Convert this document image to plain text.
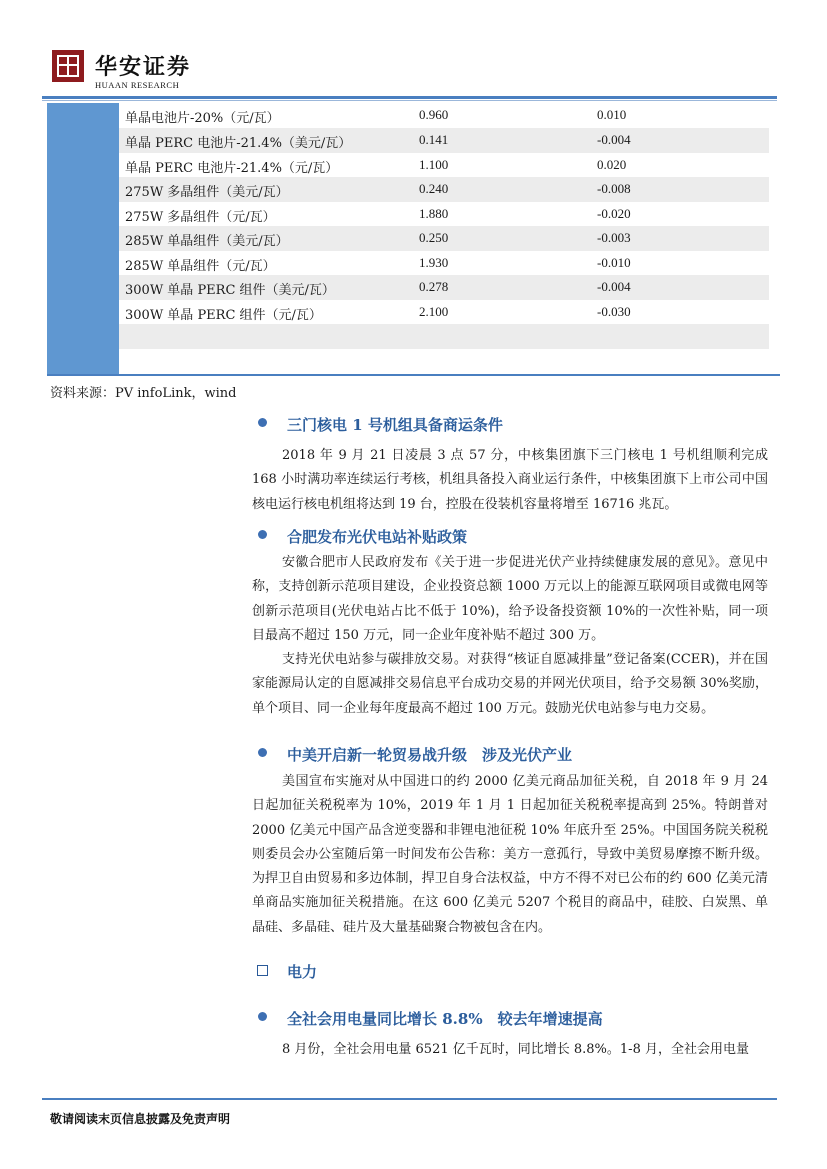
华安证券
HUAAN RESEARCH
单晶电池片-20%（元/瓦）	0.960	0.010
单晶 PERC 电池片-21.4%（美元/瓦）	0.141	-0.004
单晶 PERC 电池片-21.4%（元/瓦）	1.100	0.020
275W 多晶组件（美元/瓦）	0.240	-0.008
275W 多晶组件（元/瓦）	1.880	-0.020
285W 单晶组件（美元/瓦）	0.250	-0.003
285W 单晶组件（元/瓦）	1.930	-0.010
300W 单晶 PERC 组件（美元/瓦）	0.278	-0.004
300W 单晶 PERC 组件（元/瓦）	2.100	-0.030
资料来源：PV infoLink，wind
三门核电 1 号机组具备商运条件

2018 年 9 月 21 日凌晨 3 点 57 分，中核集团旗下三门核电 1 号机组顺利完成 168 小时满功率连续运行考核，机组具备投入商业运行条件，中核集团旗下上市公司中国核电运行核电机组将达到 19 台，控股在役装机容量将增至 16716 兆瓦。

合肥发布光伏电站补贴政策

安徽合肥市人民政府发布《关于进一步促进光伏产业持续健康发展的意见》。意见中称，支持创新示范项目建设，企业投资总额 1000 万元以上的能源互联网项目或微电网等创新示范项目(光伏电站占比不低于 10%)，给予设备投资额 10%的一次性补贴，同一项目最高不超过 150 万元，同一企业年度补贴不超过 300 万。

支持光伏电站参与碳排放交易。对获得“核证自愿减排量”登记备案(CCER)，并在国家能源局认定的自愿减排交易信息平台成功交易的并网光伏项目，给予交易额 30%奖励，单个项目、同一企业每年度最高不超过 100 万元。鼓励光伏电站参与电力交易。

中美开启新一轮贸易战升级　涉及光伏产业

美国宣布实施对从中国进口的约 2000 亿美元商品加征关税，自 2018 年 9 月 24 日起加征关税税率为 10%，2019 年 1 月 1 日起加征关税税率提高到 25%。特朗普对 2000 亿美元中国产品含逆变器和非锂电池征税 10% 年底升至 25%。中国国务院关税税则委员会办公室随后第一时间发布公告称：美方一意孤行，导致中美贸易摩擦不断升级。为捍卫自由贸易和多边体制，捍卫自身合法权益，中方不得不对已公布的约 600 亿美元清单商品实施加征关税措施。在这 600 亿美元 5207 个税目的商品中，硅胶、白炭黑、单晶硅、多晶硅、硅片及大量基础聚合物被包含在内。

电力
全社会用电量同比增长 8.8%　较去年增速提高

8 月份，全社会用电量 6521 亿千瓦时，同比增长 8.8%。1-8 月，全社会用电量

敬请阅读末页信息披露及免责声明
